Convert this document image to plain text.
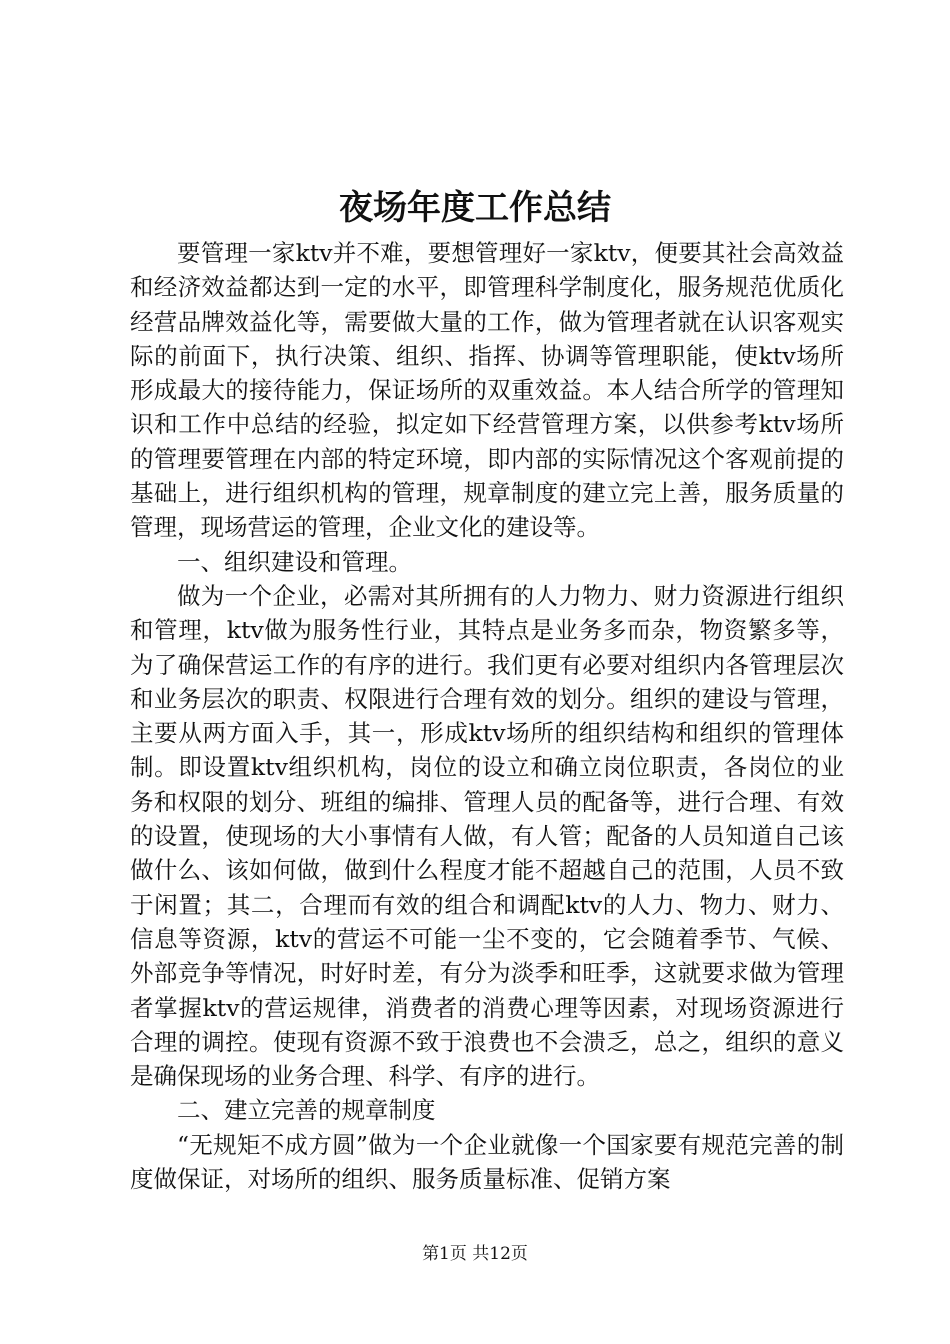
夜场年度工作总结

要管理一家ktv并不难，要想管理好一家ktv，便要其社会高效益和经济效益都达到一定的水平，即管理科学制度化，服务规范优质化经营品牌效益化等，需要做大量的工作，做为管理者就在认识客观实际的前面下，执行决策、组织、指挥、协调等管理职能，使ktv场所形成最大的接待能力，保证场所的双重效益。本人结合所学的管理知识和工作中总结的经验，拟定如下经营管理方案，以供参考ktv场所的管理要管理在内部的特定环境，即内部的实际情况这个客观前提的基础上，进行组织机构的管理，规章制度的建立完上善，服务质量的管理，现场营运的管理，企业文化的建设等。

一、组织建设和管理。

做为一个企业，必需对其所拥有的人力物力、财力资源进行组织和管理，ktv做为服务性行业，其特点是业务多而杂，物资繁多等，为了确保营运工作的有序的进行。我们更有必要对组织内各管理层次和业务层次的职责、权限进行合理有效的划分。组织的建设与管理，主要从两方面入手，其一，形成ktv场所的组织结构和组织的管理体制。即设置ktv组织机构，岗位的设立和确立岗位职责，各岗位的业务和权限的划分、班组的编排、管理人员的配备等，进行合理、有效的设置，使现场的大小事情有人做，有人管；配备的人员知道自己该做什么、该如何做，做到什么程度才能不超越自己的范围，人员不致于闲置；其二，合理而有效的组合和调配ktv的人力、物力、财力、信息等资源，ktv的营运不可能一尘不变的，它会随着季节、气候、外部竞争等情况，时好时差，有分为淡季和旺季，这就要求做为管理者掌握ktv的营运规律，消费者的消费心理等因素，对现场资源进行合理的调控。使现有资源不致于浪费也不会溃乏，总之，组织的意义是确保现场的业务合理、科学、有序的进行。

二、建立完善的规章制度

“无规矩不成方圆”做为一个企业就像一个国家要有规范完善的制度做保证，对场所的组织、服务质量标准、促销方案

第1页 共12页
